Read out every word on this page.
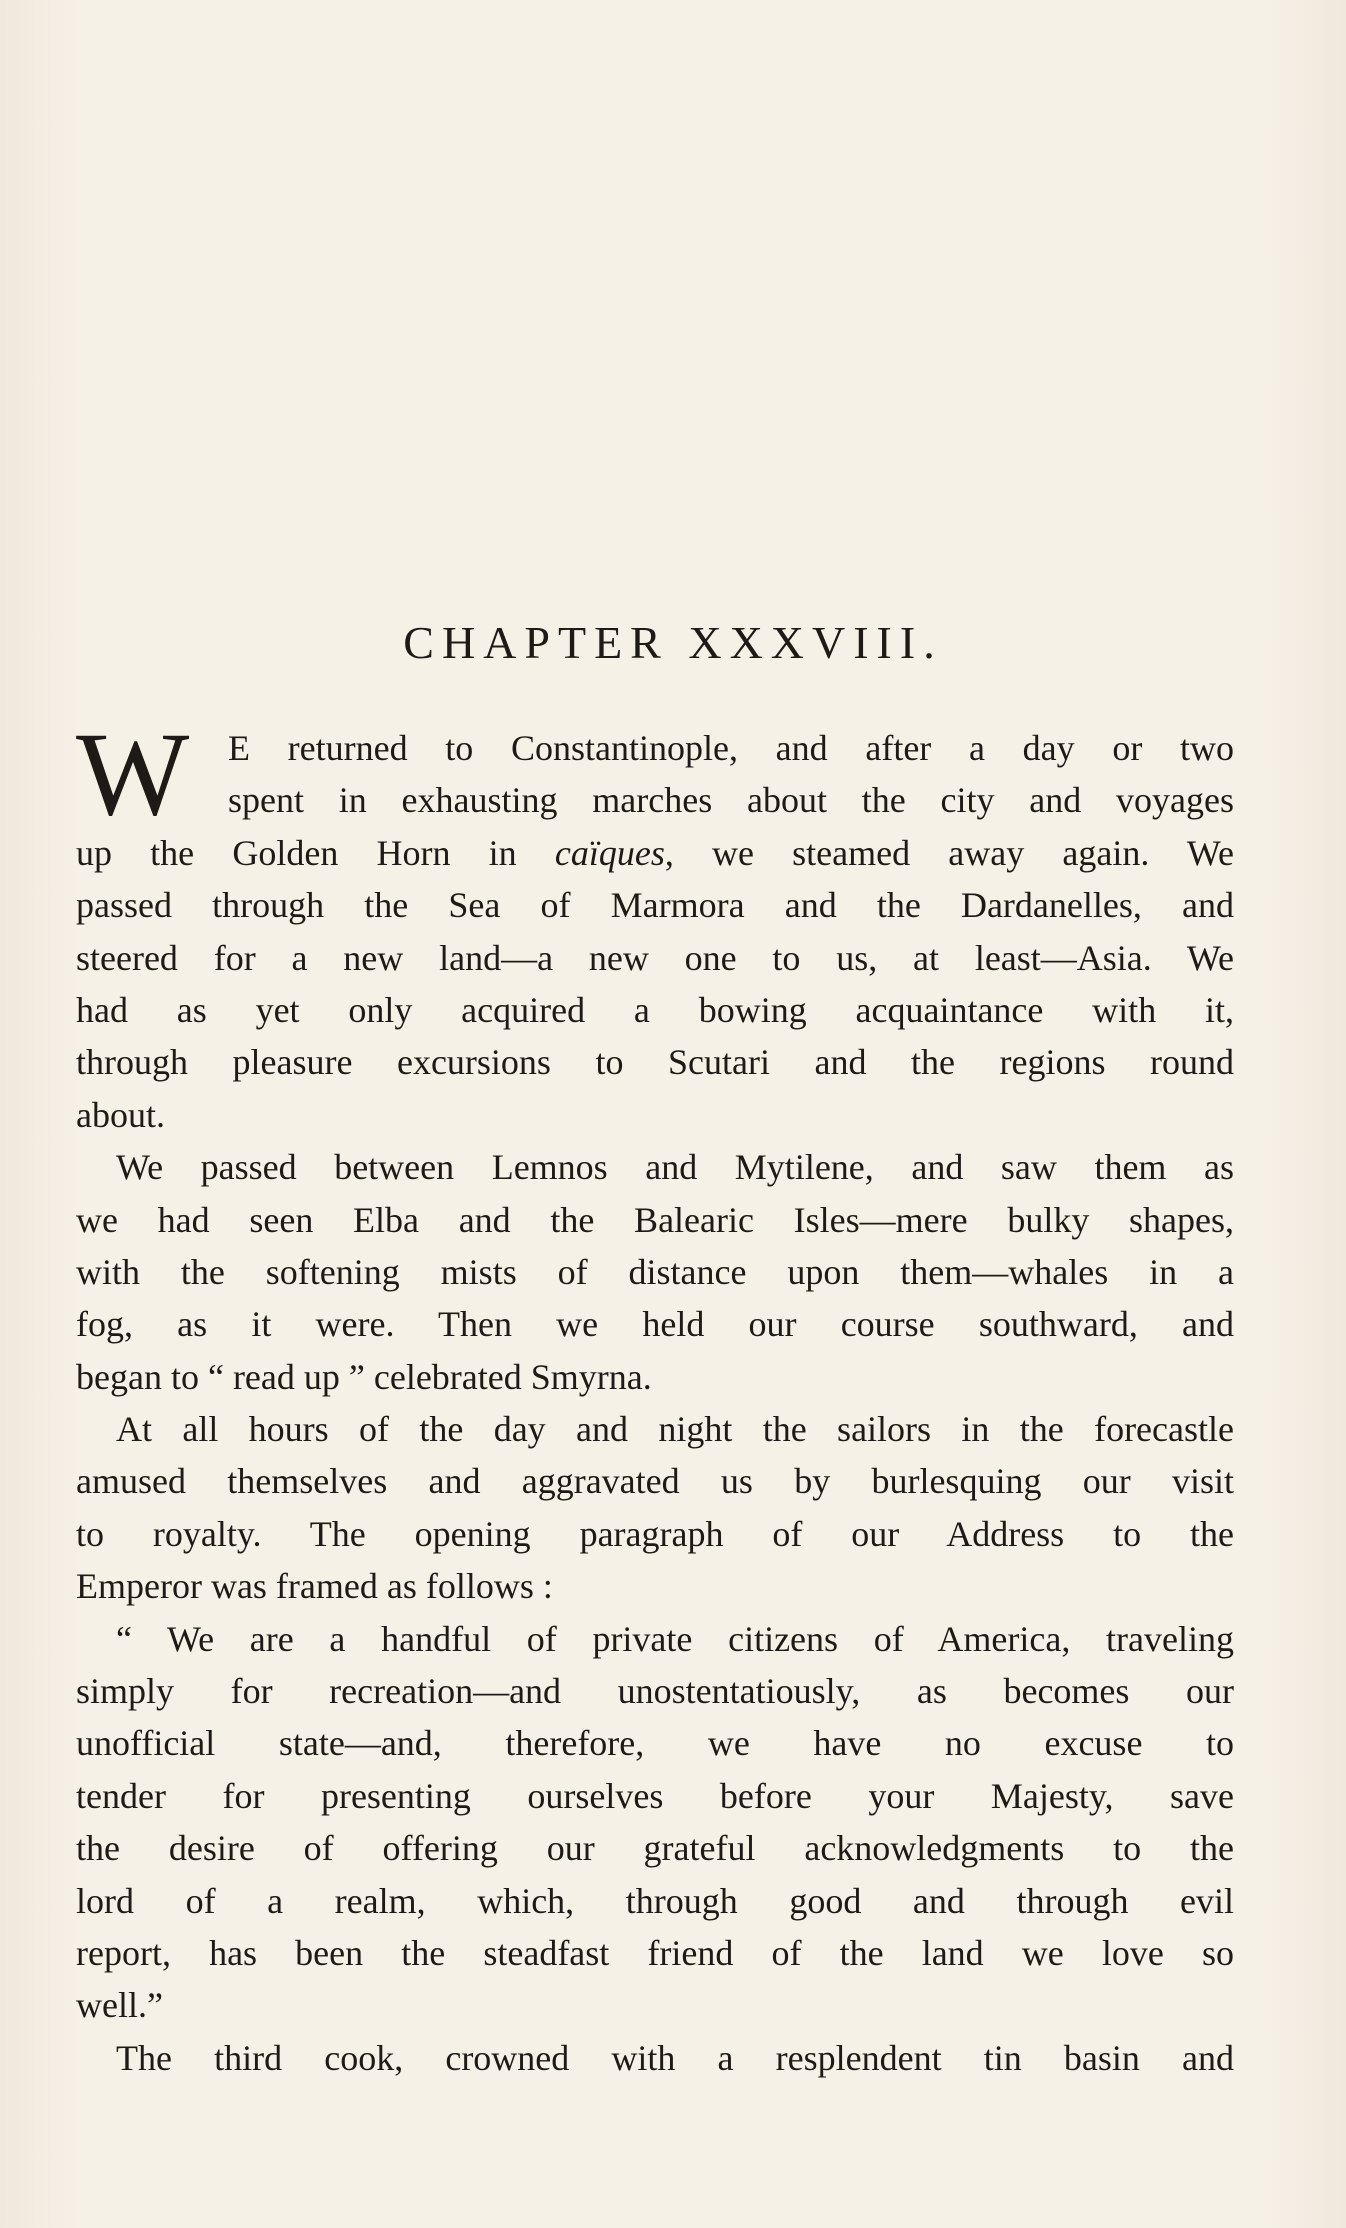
CHAPTER XXXVIII.
W	E returned to Constantinople, and after a day or two
spent in exhausting marches about the city and voyages
up the Golden Horn in caïques, we steamed away again. We
passed through the Sea of Marmora and the Dardanelles, and
steered for a new land—a new one to us, at least—Asia. We
had as yet only acquired a bowing acquaintance with it,
through pleasure excursions to Scutari and the regions round
about.
We passed between Lemnos and Mytilene, and saw them as
we had seen Elba and the Balearic Isles—mere bulky shapes,
with the softening mists of distance upon them—whales in a
fog, as it were. Then we held our course southward, and
began to “ read up ” celebrated Smyrna.
At all hours of the day and night the sailors in the forecastle
amused themselves and aggravated us by burlesquing our visit
to royalty. The opening paragraph of our Address to the
Emperor was framed as follows :
“ We are a handful of private citizens of America, traveling
simply for recreation—and unostentatiously, as becomes our
unofficial state—and, therefore, we have no excuse to
tender for presenting ourselves before your Majesty, save
the desire of offering our grateful acknowledgments to the
lord of a realm, which, through good and through evil
report, has been the steadfast friend of the land we love so
well.”
The third cook, crowned with a resplendent tin basin and
